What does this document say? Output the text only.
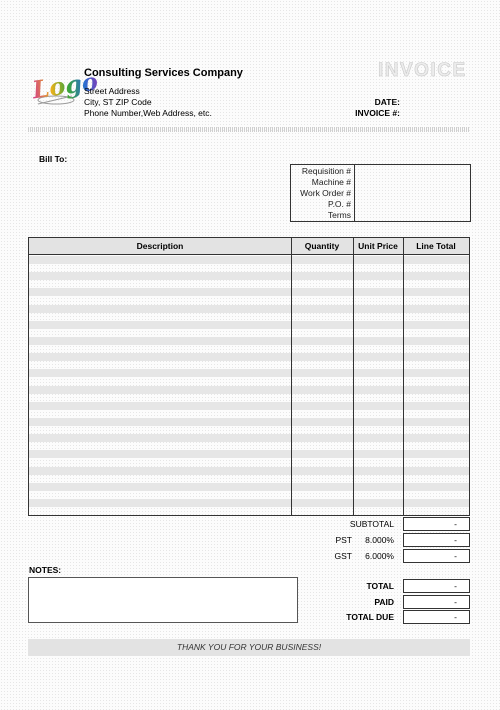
Logo
Consulting Services Company
Street Address
City, ST ZIP Code
Phone Number,Web Address, etc.
INVOICE
DATE:
INVOICE #:
Bill To:
Requisition #	
Machine #	
Work Order #	
P.O. #	
Terms	
Description	Quantity	Unit Price	Line Total
SUBTOTAL	-
PST	8.000%	-
GST	6.000%	-
NOTES:
TOTAL	-
PAID	-
TOTAL DUE	-
THANK YOU FOR YOUR BUSINESS!
